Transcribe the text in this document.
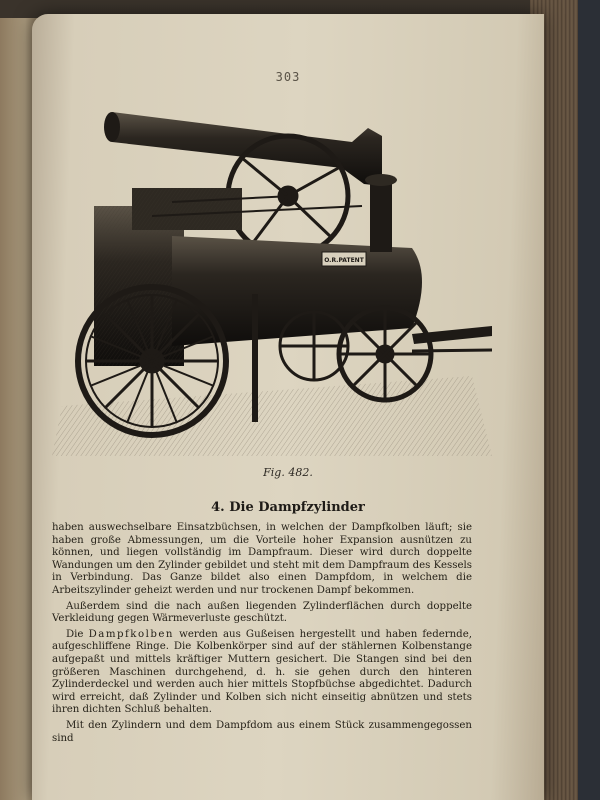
303
O.R.PATENT
Fig. 482.
4. Die Dampfzylinder

haben auswechselbare Einsatzbüchsen, in welchen der Dampfkolben läuft; sie haben große Abmessungen, um die Vorteile hoher Expansion ausnützen zu können, und liegen vollständig im Dampfraum. Dieser wird durch doppelte Wandungen um den Zylinder gebildet und steht mit dem Dampfraum des Kessels in Verbindung. Das Ganze bildet also einen Dampfdom, in welchem die Arbeitszylinder geheizt werden und nur trockenen Dampf bekommen.

Außerdem sind die nach außen liegenden Zylinderflächen durch doppelte Verkleidung gegen Wärmeverluste geschützt.

Die Dampfkolben werden aus Gußeisen hergestellt und haben federnde, aufgeschliffene Ringe. Die Kolbenkörper sind auf der stählernen Kolbenstange aufgepaßt und mittels kräftiger Muttern gesichert. Die Stangen sind bei den größeren Maschinen durchgehend, d. h. sie gehen durch den hinteren Zylinderdeckel und werden auch hier mittels Stopfbüchse abgedichtet. Dadurch wird erreicht, daß Zylinder und Kolben sich nicht einseitig abnützen und stets ihren dichten Schluß behalten.

Mit den Zylindern und dem Dampfdom aus einem Stück zusammengegossen sind
